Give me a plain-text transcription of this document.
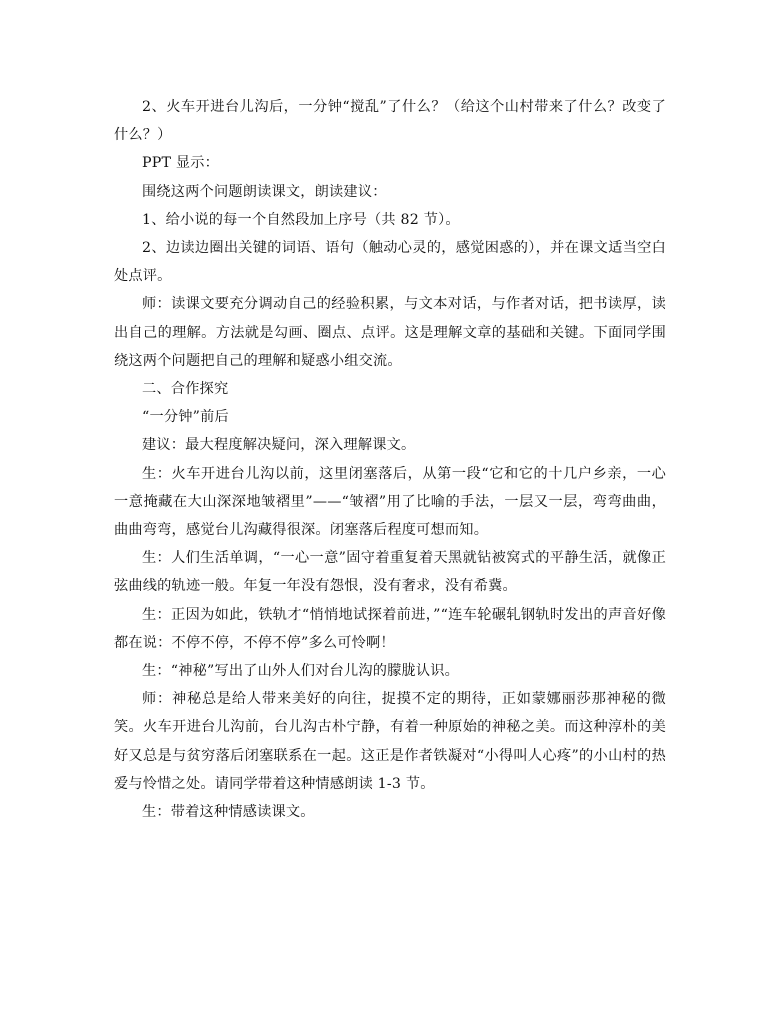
2、火车开进台儿沟后，一分钟“搅乱”了什么？（给这个山村带来了什么？改变了什么？）

PPT 显示：

围绕这两个问题朗读课文，朗读建议：

1、给小说的每一个自然段加上序号（共 82 节）。

2、边读边圈出关键的词语、语句（触动心灵的，感觉困惑的），并在课文适当空白处点评。

师：读课文要充分调动自己的经验积累，与文本对话，与作者对话，把书读厚，读出自己的理解。方法就是勾画、圈点、点评。这是理解文章的基础和关键。下面同学围绕这两个问题把自己的理解和疑惑小组交流。

二、合作探究

“一分钟”前后

建议：最大程度解决疑问，深入理解课文。

生：火车开进台儿沟以前，这里闭塞落后，从第一段“它和它的十几户乡亲，一心一意掩藏在大山深深地皱褶里”——“皱褶”用了比喻的手法，一层又一层，弯弯曲曲，曲曲弯弯，感觉台儿沟藏得很深。闭塞落后程度可想而知。

生：人们生活单调，“一心一意”固守着重复着天黑就钻被窝式的平静生活，就像正弦曲线的轨迹一般。年复一年没有怨恨，没有奢求，没有希冀。

生：正因为如此，铁轨才“悄悄地试探着前进，”“连车轮碾轧钢轨时发出的声音好像都在说：不停不停，不停不停”多么可怜啊！

生：“神秘”写出了山外人们对台儿沟的朦胧认识。

师：神秘总是给人带来美好的向往，捉摸不定的期待，正如蒙娜丽莎那神秘的微笑。火车开进台儿沟前，台儿沟古朴宁静，有着一种原始的神秘之美。而这种淳朴的美好又总是与贫穷落后闭塞联系在一起。这正是作者铁凝对“小得叫人心疼”的小山村的热爱与怜惜之处。请同学带着这种情感朗读 1-3 节。

生：带着这种情感读课文。
